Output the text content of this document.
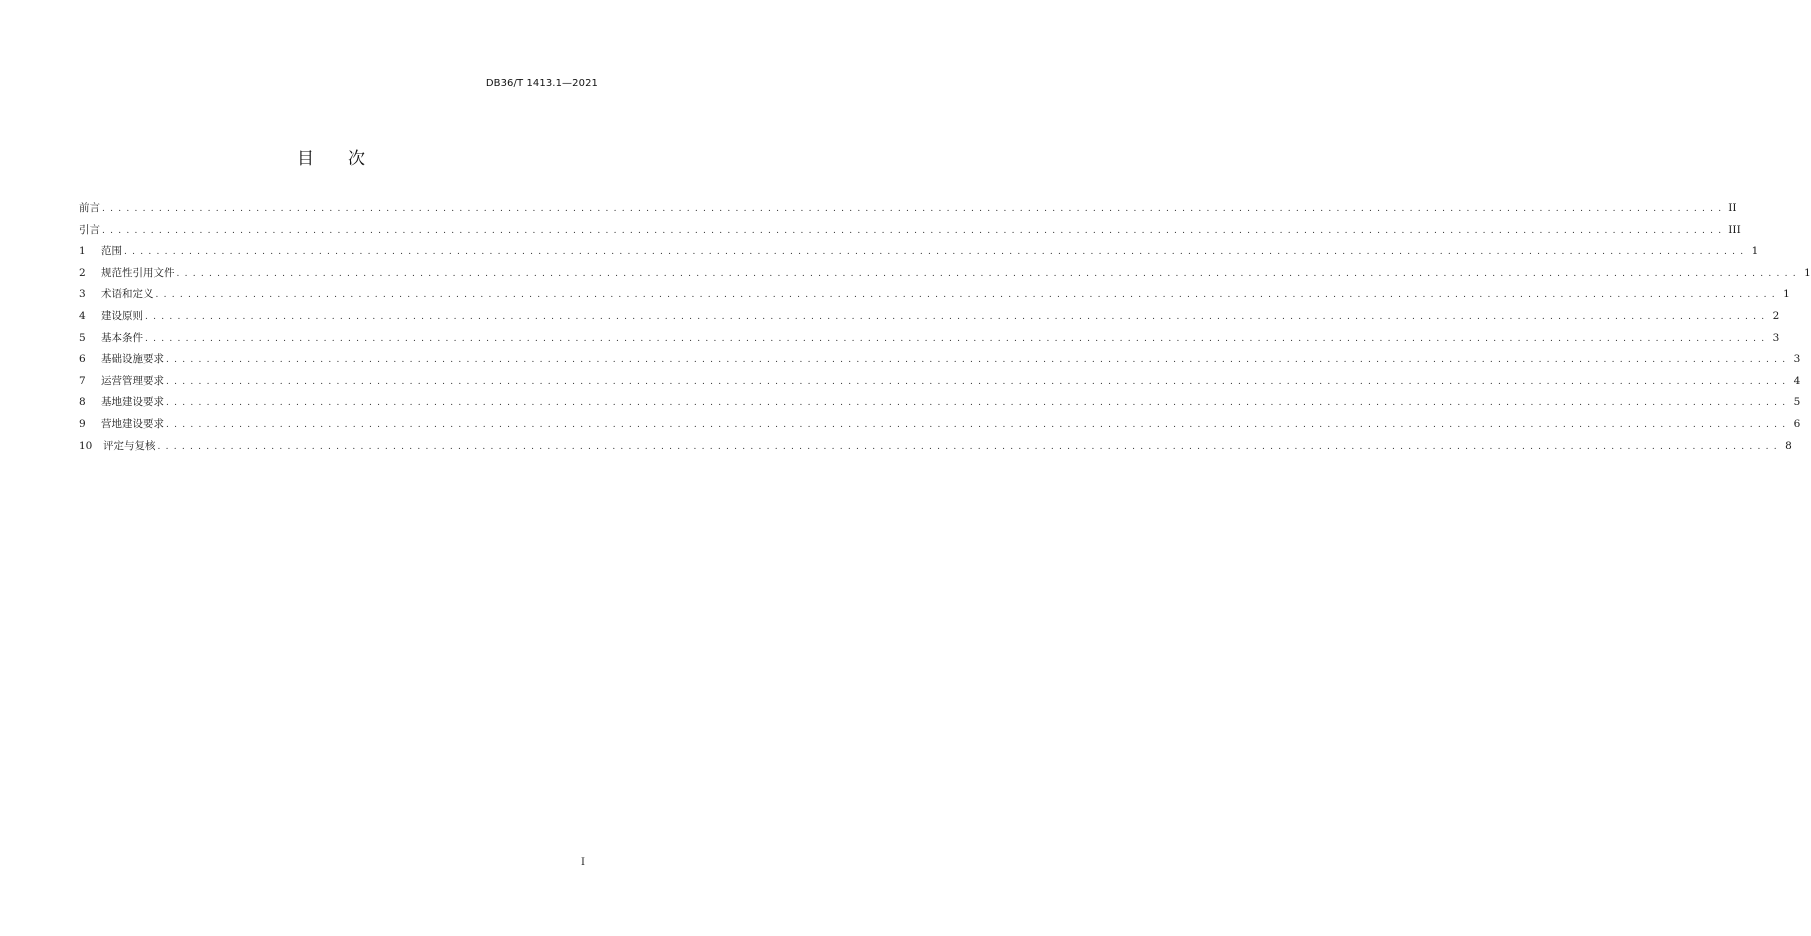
DB36/T 1413.1—2021
目 次
前言 . . . . . . . . . . . . . . . . . . . . . . . . . . . . . . . . . . . . . . . . . . . . . . . . . . . . . . . . . . . . . . . . . . . . . . . . . . . . . . . . . . . . . . . . . . . . . . . . . . . . . . . . . . . . . . . . . . . . . . . . . . . . . . . . . . . . . . . . . . . . . . . . . . . . . . . . . . . . . . . . . . . . . . . . . . . . . . . . . . . . . . . . . . . . . . . . . . . . . . . . II
引言 . . . . . . . . . . . . . . . . . . . . . . . . . . . . . . . . . . . . . . . . . . . . . . . . . . . . . . . . . . . . . . . . . . . . . . . . . . . . . . . . . . . . . . . . . . . . . . . . . . . . . . . . . . . . . . . . . . . . . . . . . . . . . . . . . . . . . . . . . . . . . . . . . . . . . . . . . . . . . . . . . . . . . . . . . . . . . . . . . . . . . . . . . . . . . . . . . . . . . . . . III
1	范围 . . . . . . . . . . . . . . . . . . . . . . . . . . . . . . . . . . . . . . . . . . . . . . . . . . . . . . . . . . . . . . . . . . . . . . . . . . . . . . . . . . . . . . . . . . . . . . . . . . . . . . . . . . . . . . . . . . . . . . . . . . . . . . . . . . . . . . . . . . . . . . . . . . . . . . . . . . . . . . . . . . . . . . . . . . . . . . . . . . . . . . . . . . . . . . . . . . . . . . . . 1
2	规范性引用文件 . . . . . . . . . . . . . . . . . . . . . . . . . . . . . . . . . . . . . . . . . . . . . . . . . . . . . . . . . . . . . . . . . . . . . . . . . . . . . . . . . . . . . . . . . . . . . . . . . . . . . . . . . . . . . . . . . . . . . . . . . . . . . . . . . . . . . . . . . . . . . . . . . . . . . . . . . . . . . . . . . . . . . . . . . . . . . . . . . . . . . . . . . . . . . . . . . . . . . . . . 1
3	术语和定义 . . . . . . . . . . . . . . . . . . . . . . . . . . . . . . . . . . . . . . . . . . . . . . . . . . . . . . . . . . . . . . . . . . . . . . . . . . . . . . . . . . . . . . . . . . . . . . . . . . . . . . . . . . . . . . . . . . . . . . . . . . . . . . . . . . . . . . . . . . . . . . . . . . . . . . . . . . . . . . . . . . . . . . . . . . . . . . . . . . . . . . . . . . . . . . . . . . . . . . . . 1
4	建设原则 . . . . . . . . . . . . . . . . . . . . . . . . . . . . . . . . . . . . . . . . . . . . . . . . . . . . . . . . . . . . . . . . . . . . . . . . . . . . . . . . . . . . . . . . . . . . . . . . . . . . . . . . . . . . . . . . . . . . . . . . . . . . . . . . . . . . . . . . . . . . . . . . . . . . . . . . . . . . . . . . . . . . . . . . . . . . . . . . . . . . . . . . . . . . . . . . . . . . . . . . 2
5	基本条件 . . . . . . . . . . . . . . . . . . . . . . . . . . . . . . . . . . . . . . . . . . . . . . . . . . . . . . . . . . . . . . . . . . . . . . . . . . . . . . . . . . . . . . . . . . . . . . . . . . . . . . . . . . . . . . . . . . . . . . . . . . . . . . . . . . . . . . . . . . . . . . . . . . . . . . . . . . . . . . . . . . . . . . . . . . . . . . . . . . . . . . . . . . . . . . . . . . . . . . . . 3
6	基础设施要求 . . . . . . . . . . . . . . . . . . . . . . . . . . . . . . . . . . . . . . . . . . . . . . . . . . . . . . . . . . . . . . . . . . . . . . . . . . . . . . . . . . . . . . . . . . . . . . . . . . . . . . . . . . . . . . . . . . . . . . . . . . . . . . . . . . . . . . . . . . . . . . . . . . . . . . . . . . . . . . . . . . . . . . . . . . . . . . . . . . . . . . . . . . . . . . . . . . . . . . . . 3
7	运营管理要求 . . . . . . . . . . . . . . . . . . . . . . . . . . . . . . . . . . . . . . . . . . . . . . . . . . . . . . . . . . . . . . . . . . . . . . . . . . . . . . . . . . . . . . . . . . . . . . . . . . . . . . . . . . . . . . . . . . . . . . . . . . . . . . . . . . . . . . . . . . . . . . . . . . . . . . . . . . . . . . . . . . . . . . . . . . . . . . . . . . . . . . . . . . . . . . . . . . . . . . . . 4
8	基地建设要求 . . . . . . . . . . . . . . . . . . . . . . . . . . . . . . . . . . . . . . . . . . . . . . . . . . . . . . . . . . . . . . . . . . . . . . . . . . . . . . . . . . . . . . . . . . . . . . . . . . . . . . . . . . . . . . . . . . . . . . . . . . . . . . . . . . . . . . . . . . . . . . . . . . . . . . . . . . . . . . . . . . . . . . . . . . . . . . . . . . . . . . . . . . . . . . . . . . . . . . . . 5
9	营地建设要求 . . . . . . . . . . . . . . . . . . . . . . . . . . . . . . . . . . . . . . . . . . . . . . . . . . . . . . . . . . . . . . . . . . . . . . . . . . . . . . . . . . . . . . . . . . . . . . . . . . . . . . . . . . . . . . . . . . . . . . . . . . . . . . . . . . . . . . . . . . . . . . . . . . . . . . . . . . . . . . . . . . . . . . . . . . . . . . . . . . . . . . . . . . . . . . . . . . . . . . . . 6
10	评定与复核 . . . . . . . . . . . . . . . . . . . . . . . . . . . . . . . . . . . . . . . . . . . . . . . . . . . . . . . . . . . . . . . . . . . . . . . . . . . . . . . . . . . . . . . . . . . . . . . . . . . . . . . . . . . . . . . . . . . . . . . . . . . . . . . . . . . . . . . . . . . . . . . . . . . . . . . . . . . . . . . . . . . . . . . . . . . . . . . . . . . . . . . . . . . . . . . . . . . . . . . . 8
I
